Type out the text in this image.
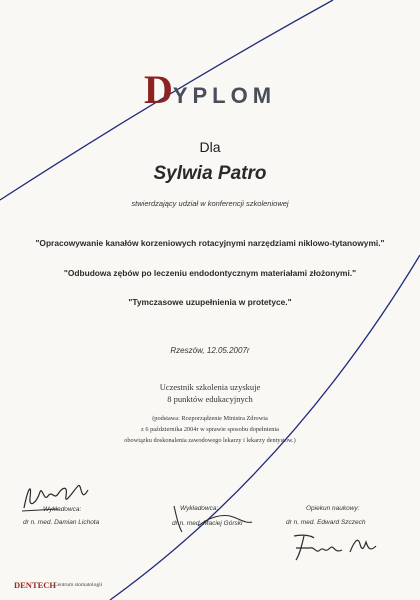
DYPLOM
Dla
Sylwia Patro
stwierdzający udział w konferencji szkoleniowej
"Opracowywanie kanałów korzeniowych rotacyjnymi narzędziami niklowo-tytanowymi."
"Odbudowa zębów po leczeniu endodontycznym materiałami złożonymi."
"Tymczasowe uzupełnienia w protetyce."
Rzeszów, 12.05.2007r
Uczestnik szkolenia uzyskuje
8 punktów edukacyjnych
(podstawa: Rozporządzenie Ministra Zdrowia
z 6 października 2004r w sprawie sposobu dopełnienia
obowiązku doskonalenia zawodowego lekarzy i lekarzy dentystów.)
Wykładowca:
dr n. med. Damian Lichota
Wykładowca:
dr n. med. Maciej Górski
Opiekun naukowy:
dr n. med. Edward Szczech
DENTECH
Centrum stomatologii
